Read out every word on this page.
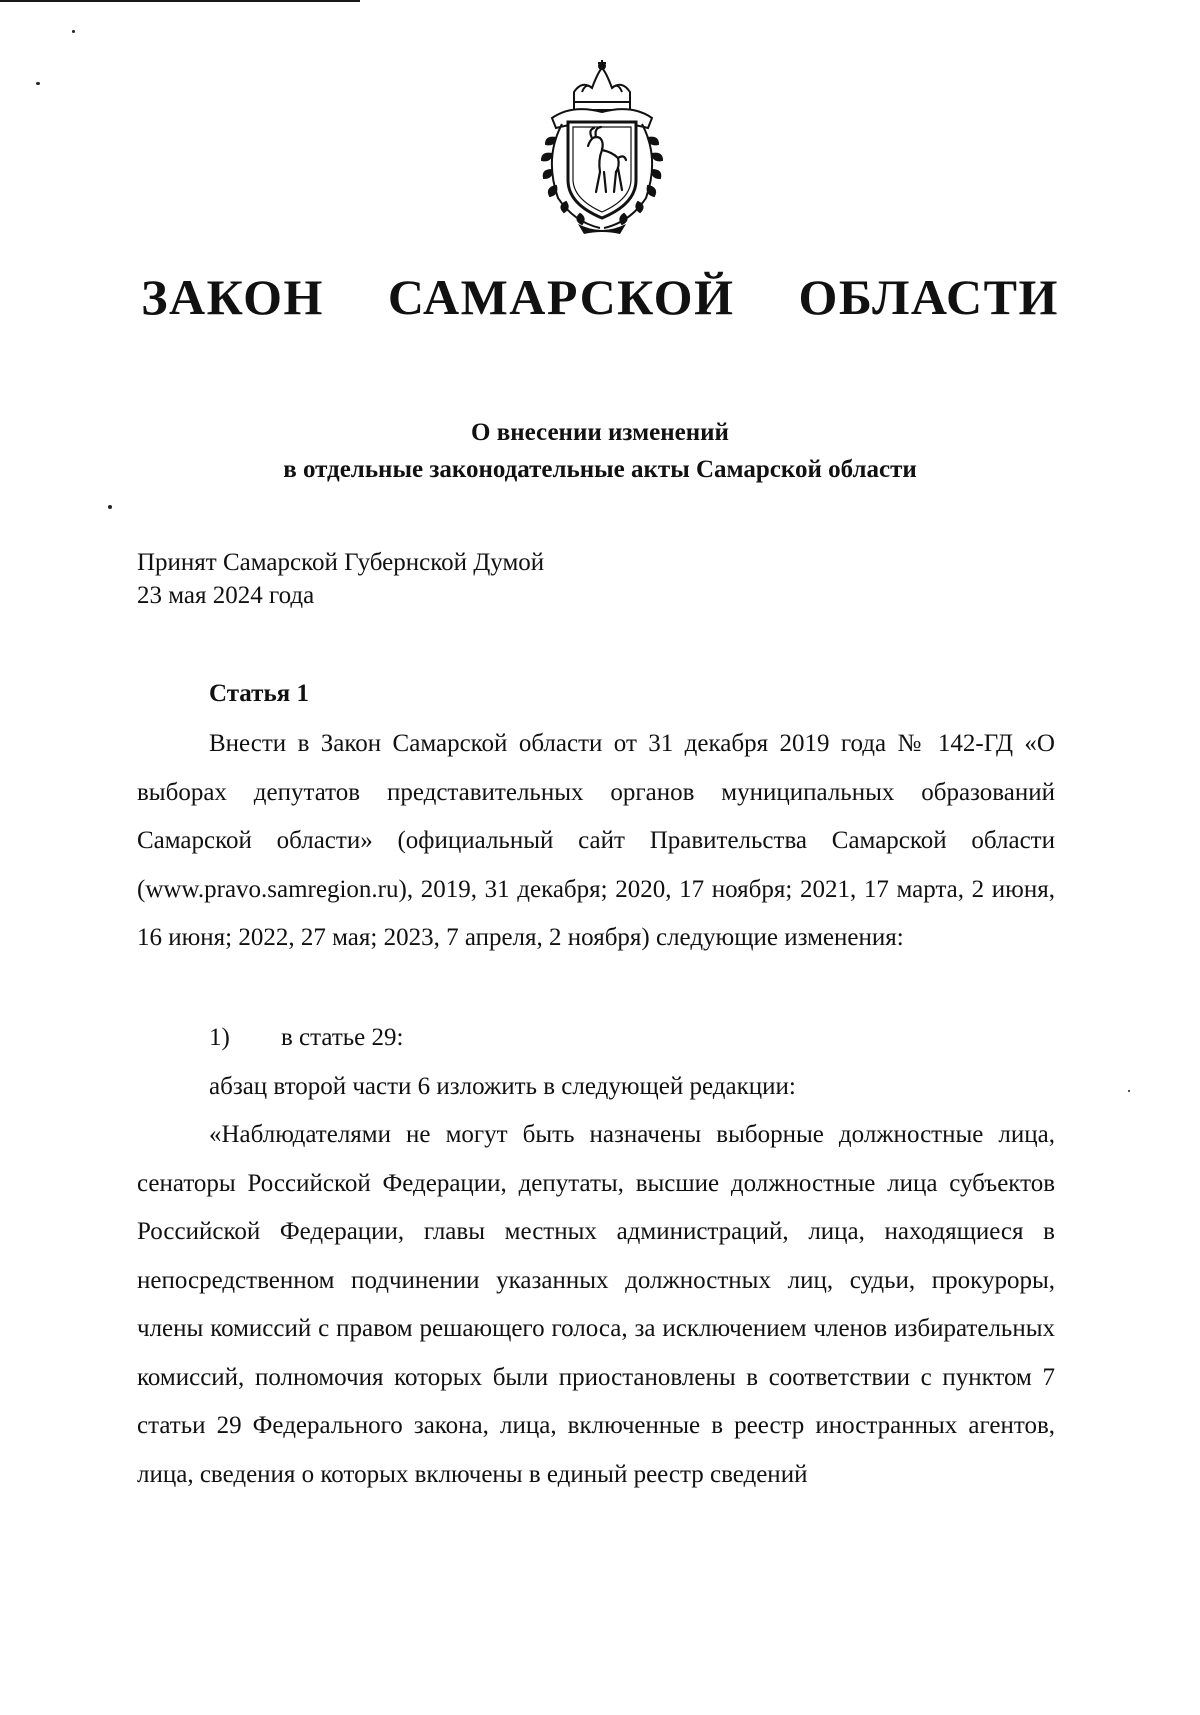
ЗАКОН  САМАРСКОЙ  ОБЛАСТИ
О внесении изменений
в отдельные законодательные акты Самарской области
Принят Самарской Губернской Думой
23 мая 2024 года
Статья 1

Внести в Закон Самарской области от 31 декабря 2019 года № 142-ГД «О выборах депутатов представительных органов муниципальных образований Самарской области» (официальный сайт Правительства Самарской области (www.pravo.samregion.ru), 2019, 31 декабря; 2020, 17 ноября; 2021, 17 марта, 2 июня, 16 июня; 2022, 27 мая; 2023, 7 апреля, 2 ноября) следующие изменения:

1) в статье 29:

абзац второй части 6 изложить в следующей редакции:

«Наблюдателями не могут быть назначены выборные должностные лица, сенаторы Российской Федерации, депутаты, высшие должностные лица субъектов Российской Федерации, главы местных администраций, лица, находящиеся в непосредственном подчинении указанных должностных лиц, судьи, прокуроры, члены комиссий с правом решающего голоса, за исключением членов избирательных комиссий, полномочия которых были приостановлены в соответствии с пунктом 7 статьи 29 Федерального закона, лица, включенные в реестр иностранных агентов, лица, сведения о которых включены в единый реестр сведений
